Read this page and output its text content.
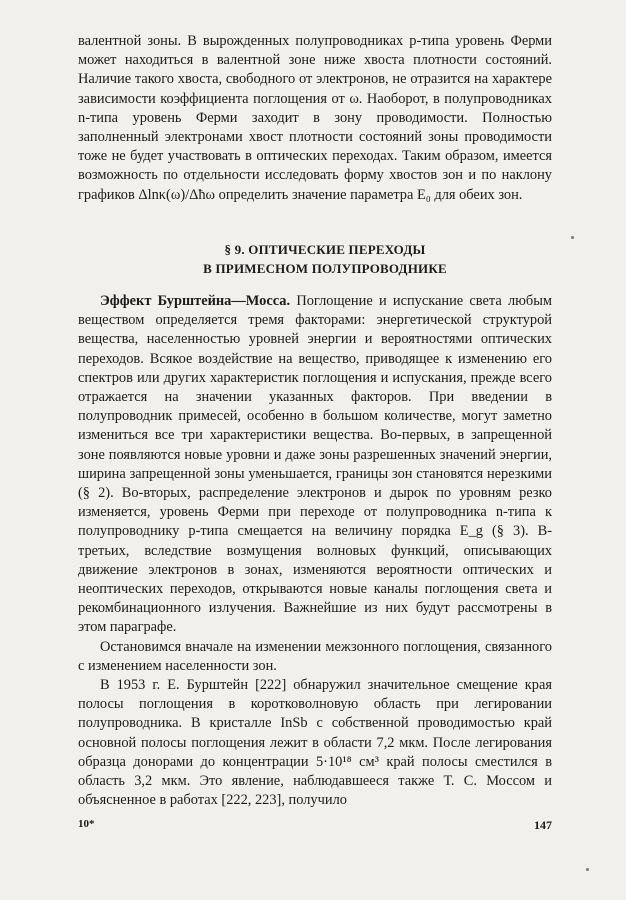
валентной зоны. В вырожденных полупроводниках p-типа уровень Ферми может находиться в валентной зоне ниже хвоста плотности состояний. Наличие такого хвоста, свободного от электронов, не отразится на характере зависимости коэффициента поглощения от ω. Наоборот, в полупроводниках n-типа уровень Ферми заходит в зону проводимости. Полностью заполненный электронами хвост плотности состояний зоны проводимости тоже не будет участвовать в оптических переходах. Таким образом, имеется возможность по отдельности исследовать форму хвостов зон и по наклону графиков Δlnκ(ω)/Δħω определить значение параметра E₀ для обеих зон.

§ 9. ОПТИЧЕСКИЕ ПЕРЕХОДЫ
В ПРИМЕСНОМ ПОЛУПРОВОДНИКЕ

Эффект Бурштейна—Мосса. Поглощение и испускание света любым веществом определяется тремя факторами: энергетической структурой вещества, населенностью уровней энергии и вероятностями оптических переходов. Всякое воздействие на вещество, приводящее к изменению его спектров или других характеристик поглощения и испускания, прежде всего отражается на значении указанных факторов. При введении в полупроводник примесей, особенно в большом количестве, могут заметно измениться все три характеристики вещества. Во-первых, в запрещенной зоне появляются новые уровни и даже зоны разрешенных значений энергии, ширина запрещенной зоны уменьшается, границы зон становятся нерезкими (§ 2). Во-вторых, распределение электронов и дырок по уровням резко изменяется, уровень Ферми при переходе от полупроводника n-типа к полупроводнику p-типа смещается на величину порядка E_g (§ 3). В-третьих, вследствие возмущения волновых функций, описывающих движение электронов в зонах, изменяются вероятности оптических и неоптических переходов, открываются новые каналы поглощения света и рекомбинационного излучения. Важнейшие из них будут рассмотрены в этом параграфе.

Остановимся вначале на изменении межзонного поглощения, связанного с изменением населенности зон.

В 1953 г. Е. Бурштейн [222] обнаружил значительное смещение края полосы поглощения в коротковолновую область при легировании полупроводника. В кристалле InSb с собственной проводимостью край основной полосы поглощения лежит в области 7,2 мкм. После легирования образца донорами до концентрации 5·10¹⁸ см³ край полосы сместился в область 3,2 мкм. Это явление, наблюдавшееся также Т. С. Моссом и объясненное в работах [222, 223], получило

10*	147
